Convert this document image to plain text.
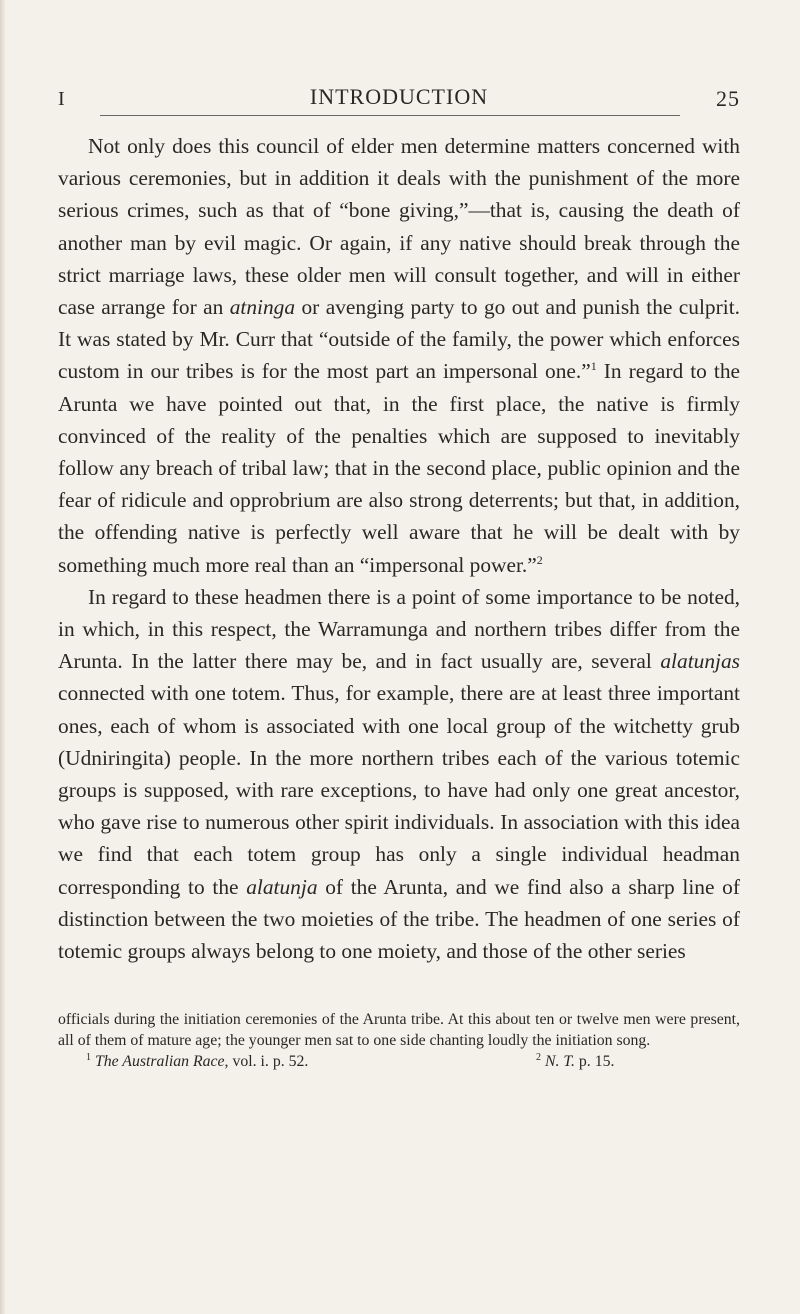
I	INTRODUCTION	25

Not only does this council of elder men determine matters concerned with various ceremonies, but in addition it deals with the punishment of the more serious crimes, such as that of “bone giving,”—that is, causing the death of another man by evil magic. Or again, if any native should break through the strict marriage laws, these older men will consult together, and will in either case arrange for an atninga or avenging party to go out and punish the culprit. It was stated by Mr. Curr that “outside of the family, the power which enforces custom in our tribes is for the most part an impersonal one.”$^1$ In regard to the Arunta we have pointed out that, in the first place, the native is firmly convinced of the reality of the penalties which are supposed to inevitably follow any breach of tribal law; that in the second place, public opinion and the fear of ridicule and opprobrium are also strong deterrents; but that, in addition, the offending native is perfectly well aware that he will be dealt with by something much more real than an “impersonal power.”$^2$

In regard to these headmen there is a point of some importance to be noted, in which, in this respect, the Warramunga and northern tribes differ from the Arunta. In the latter there may be, and in fact usually are, several alatunjas connected with one totem. Thus, for example, there are at least three important ones, each of whom is associated with one local group of the witchetty grub (Udniringita) people. In the more northern tribes each of the various totemic groups is supposed, with rare exceptions, to have had only one great ancestor, who gave rise to numerous other spirit individuals. In association with this idea we find that each totem group has only a single individual headman corresponding to the alatunja of the Arunta, and we find also a sharp line of distinction between the two moieties of the tribe. The headmen of one series of totemic groups always belong to one moiety, and those of the other series

officials during the initiation ceremonies of the Arunta tribe. At this about ten or twelve men were present, all of them of mature age; the younger men sat to one side chanting loudly the initiation song.

$^1$ The Australian Race, vol. i. p. 52.	$^2$ N. T. p. 15.
